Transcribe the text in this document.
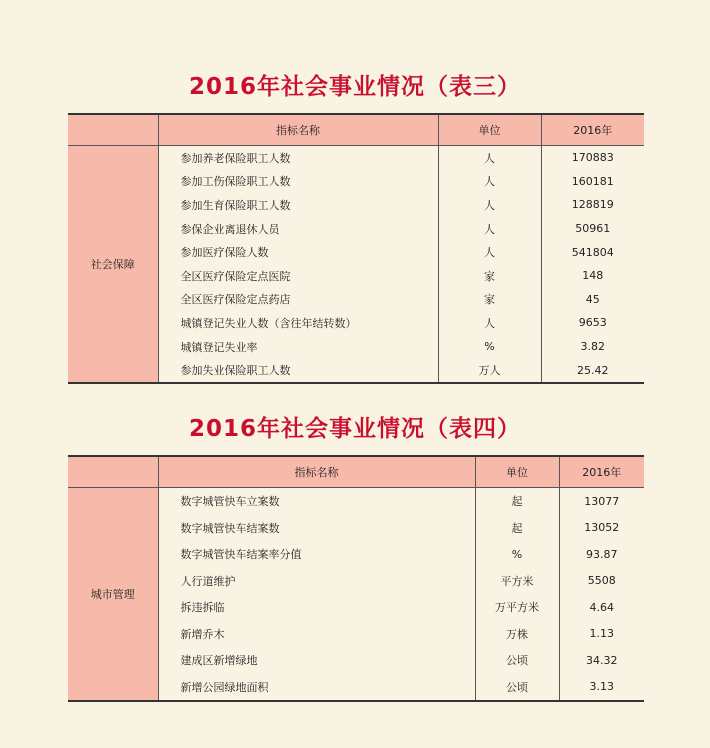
2016年社会事业情况（表三）
	指标名称	单位	2016年
社会保障	参加养老保险职工人数	人	170883
	参加工伤保险职工人数	人	160181
	参加生育保险职工人数	人	128819
	参保企业离退休人员	人	50961
	参加医疗保险人数	人	541804
	全区医疗保险定点医院	家	148
	全区医疗保险定点药店	家	45
	城镇登记失业人数（含往年结转数）	人	9653
	城镇登记失业率	%	3.82
	参加失业保险职工人数	万人	25.42
2016年社会事业情况（表四）
	指标名称	单位	2016年
城市管理	数字城管快车立案数	起	13077
	数字城管快车结案数	起	13052
	数字城管快车结案率分值	%	93.87
	人行道维护	平方米	5508
	拆违拆临	万平方米	4.64
	新增乔木	万株	1.13
	建成区新增绿地	公顷	34.32
	新增公园绿地面积	公顷	3.13
